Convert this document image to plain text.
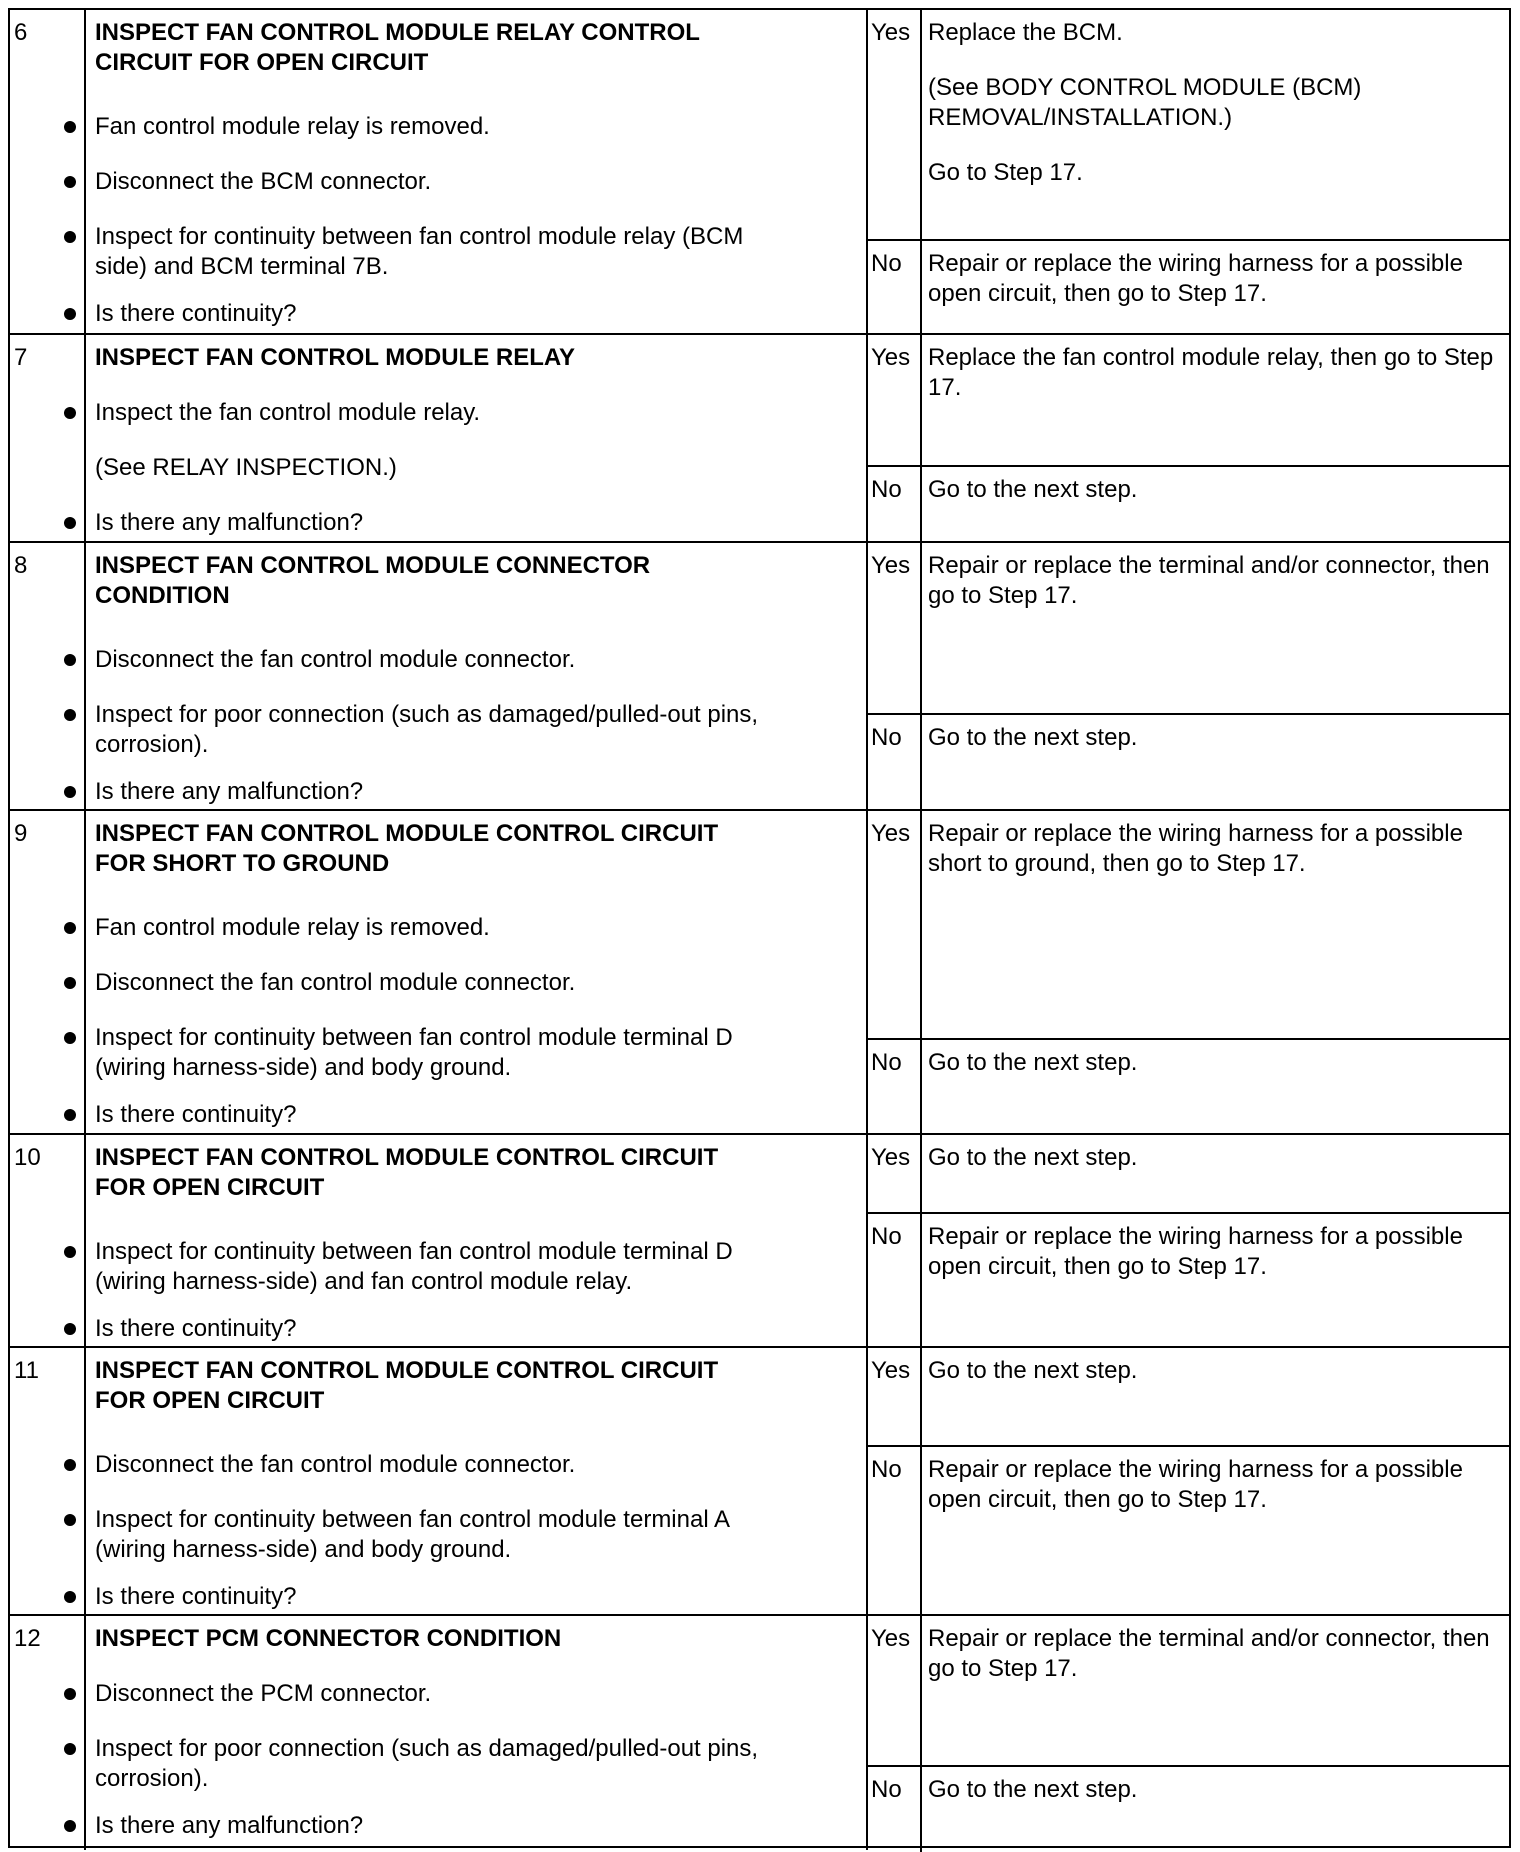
6	INSPECT FAN CONTROL MODULE RELAY CONTROL CIRCUIT FOR OPEN CIRCUIT
Fan control module relay is removed.
Disconnect the BCM connector.
Inspect for continuity between fan control module relay (BCM side) and BCM terminal 7B.
Is there continuity?
Yes Replace the BCM.

(See BODY CONTROL MODULE (BCM) REMOVAL/INSTALLATION.)

Go to Step 17.

No Repair or replace the wiring harness for a possible open circuit, then go to Step 17.

7	INSPECT FAN CONTROL MODULE RELAY
Inspect the fan control module relay.
(See RELAY INSPECTION.)
Is there any malfunction?
Yes Replace the fan control module relay, then go to Step 17.

No Go to the next step.

8	INSPECT FAN CONTROL MODULE CONNECTOR CONDITION
Disconnect the fan control module connector.
Inspect for poor connection (such as damaged/pulled-out pins, corrosion).
Is there any malfunction?
Yes Repair or replace the terminal and/or connector, then go to Step 17.

No Go to the next step.

9	INSPECT FAN CONTROL MODULE CONTROL CIRCUIT FOR SHORT TO GROUND
Fan control module relay is removed.
Disconnect the fan control module connector.
Inspect for continuity between fan control module terminal D (wiring harness-side) and body ground.
Is there continuity?
Yes Repair or replace the wiring harness for a possible short to ground, then go to Step 17.

No Go to the next step.

10 INSPECT FAN CONTROL MODULE CONTROL CIRCUIT FOR OPEN CIRCUIT
Inspect for continuity between fan control module terminal D (wiring harness-side) and fan control module relay.
Is there continuity?
Yes Go to the next step.

No Repair or replace the wiring harness for a possible open circuit, then go to Step 17.

11 INSPECT FAN CONTROL MODULE CONTROL CIRCUIT FOR OPEN CIRCUIT
Disconnect the fan control module connector.
Inspect for continuity between fan control module terminal A (wiring harness-side) and body ground.
Is there continuity?
Yes Go to the next step.

No Repair or replace the wiring harness for a possible open circuit, then go to Step 17.

12 INSPECT PCM CONNECTOR CONDITION
Disconnect the PCM connector.
Inspect for poor connection (such as damaged/pulled-out pins, corrosion).
Is there any malfunction?
Yes Repair or replace the terminal and/or connector, then go to Step 17.

No Go to the next step.
